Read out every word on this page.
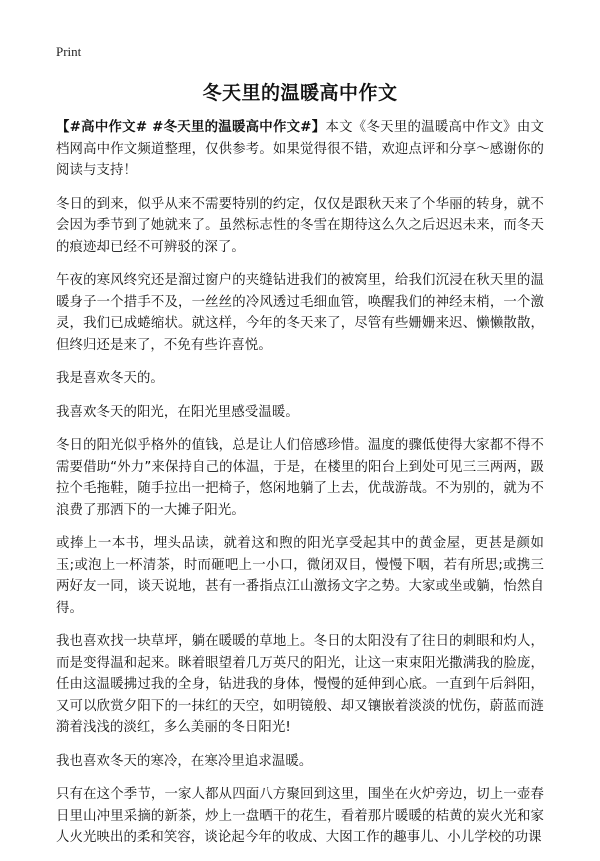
Print
冬天里的温暖高中作文

【#高中作文# #冬天里的温暖高中作文#】本文《冬天里的温暖高中作文》由文档网高中作文频道整理，仅供参考。如果觉得很不错，欢迎点评和分享～感谢你的阅读与支持！

冬日的到来，似乎从来不需要特别的约定，仅仅是跟秋天来了个华丽的转身，就不会因为季节到了她就来了。虽然标志性的冬雪在期待这么久之后迟迟未来，而冬天的痕迹却已经不可辨驳的深了。

午夜的寒风终究还是溜过窗户的夹缝钻进我们的被窝里，给我们沉浸在秋天里的温暖身子一个措手不及，一丝丝的冷风透过毛细血管，唤醒我们的神经末梢，一个激灵，我们已成蜷缩状。就这样，今年的冬天来了，尽管有些姗姗来迟、懒懒散散，但终归还是来了，不免有些许喜悦。

我是喜欢冬天的。

我喜欢冬天的阳光，在阳光里感受温暖。

冬日的阳光似乎格外的值钱，总是让人们倍感珍惜。温度的骤低使得大家都不得不需要借助“外力”来保持自己的体温，于是，在楼里的阳台上到处可见三三两两，趿拉个毛拖鞋，随手拉出一把椅子，悠闲地躺了上去，优哉游哉。不为别的，就为不浪费了那洒下的一大摊子阳光。

或捧上一本书，埋头品读，就着这和煦的阳光享受起其中的黄金屋，更甚是颜如玉;或泡上一杯清茶，时而砸吧上一小口，微闭双目，慢慢下咽，若有所思;或携三两好友一同，谈天说地，甚有一番指点江山激扬文字之势。大家或坐或躺，怡然自得。

我也喜欢找一块草坪，躺在暖暖的草地上。冬日的太阳没有了往日的刺眼和灼人，而是变得温和起来。眯着眼望着几万英尺的阳光，让这一束束阳光撒满我的脸庞，任由这温暖拂过我的全身，钻进我的身体，慢慢的延伸到心底。一直到午后斜阳，又可以欣赏夕阳下的一抹红的天空，如明镜般、却又镶嵌着淡淡的忧伤，蔚蓝而涟漪着浅浅的淡红，多么美丽的冬日阳光!

我也喜欢冬天的寒冷，在寒冷里追求温暖。

只有在这个季节，一家人都从四面八方聚回到这里，围坐在火炉旁边，切上一壶春日里山冲里采摘的新茶，炒上一盘晒干的花生，看着那片暖暖的桔黄的炭火光和家人火光映出的柔和笑容，谈论起今年的收成、大囡工作的趣事儿、小儿学校的功课
